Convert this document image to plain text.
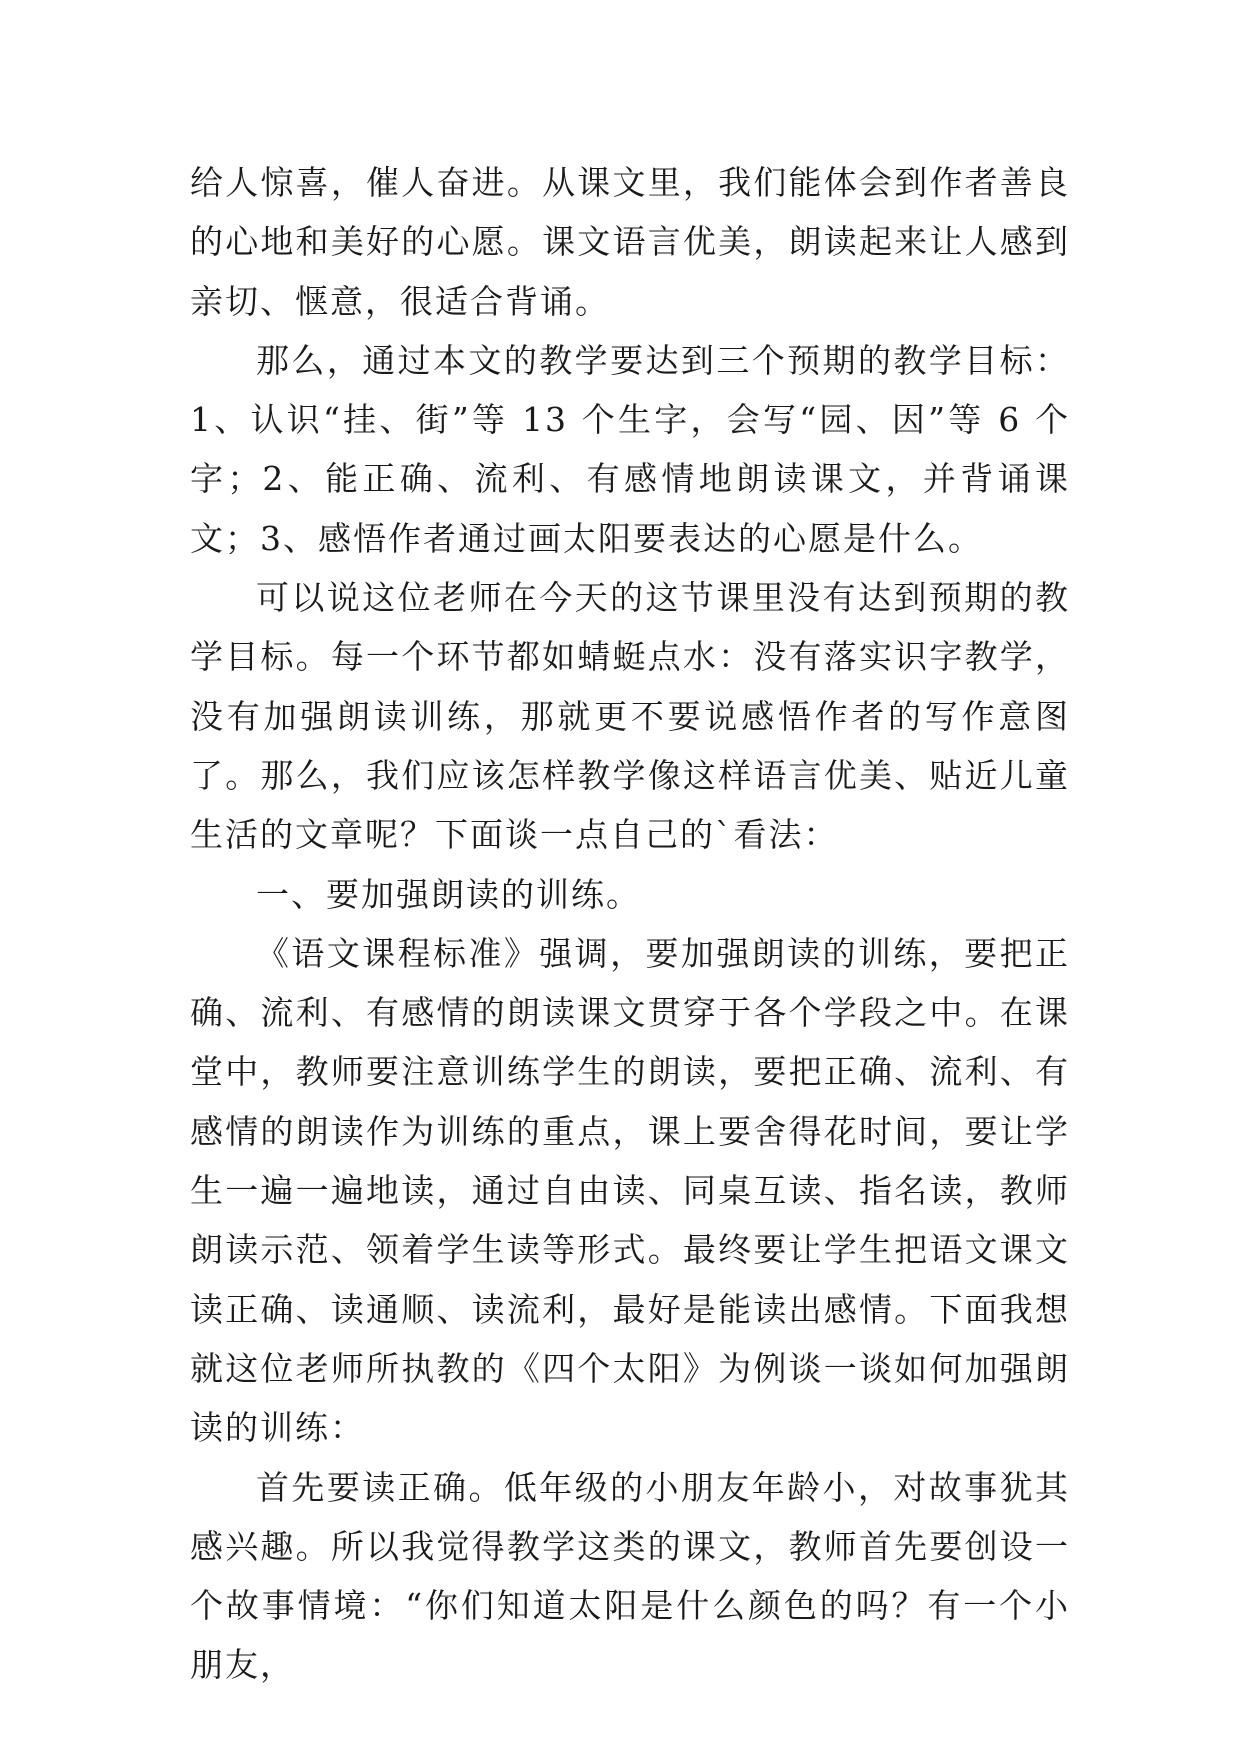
给人惊喜，催人奋进。从课文里，我们能体会到作者善良的心地和美好的心愿。课文语言优美，朗读起来让人感到亲切、惬意，很适合背诵。

那么，通过本文的教学要达到三个预期的教学目标：1、认识“挂、街”等 13 个生字，会写“园、因”等 6 个字；2、能正确、流利、有感情地朗读课文，并背诵课文；3、感悟作者通过画太阳要表达的心愿是什么。

可以说这位老师在今天的这节课里没有达到预期的教学目标。每一个环节都如蜻蜓点水：没有落实识字教学，没有加强朗读训练，那就更不要说感悟作者的写作意图了。那么，我们应该怎样教学像这样语言优美、贴近儿童生活的文章呢？下面谈一点自己的`看法：

一、要加强朗读的训练。

《语文课程标准》强调，要加强朗读的训练，要把正确、流利、有感情的朗读课文贯穿于各个学段之中。在课堂中，教师要注意训练学生的朗读，要把正确、流利、有感情的朗读作为训练的重点，课上要舍得花时间，要让学生一遍一遍地读，通过自由读、同桌互读、指名读，教师朗读示范、领着学生读等形式。最终要让学生把语文课文读正确、读通顺、读流利，最好是能读出感情。下面我想就这位老师所执教的《四个太阳》为例谈一谈如何加强朗读的训练：

首先要读正确。低年级的小朋友年龄小，对故事犹其感兴趣。所以我觉得教学这类的课文，教师首先要创设一个故事情境：“你们知道太阳是什么颜色的吗？有一个小朋友，
